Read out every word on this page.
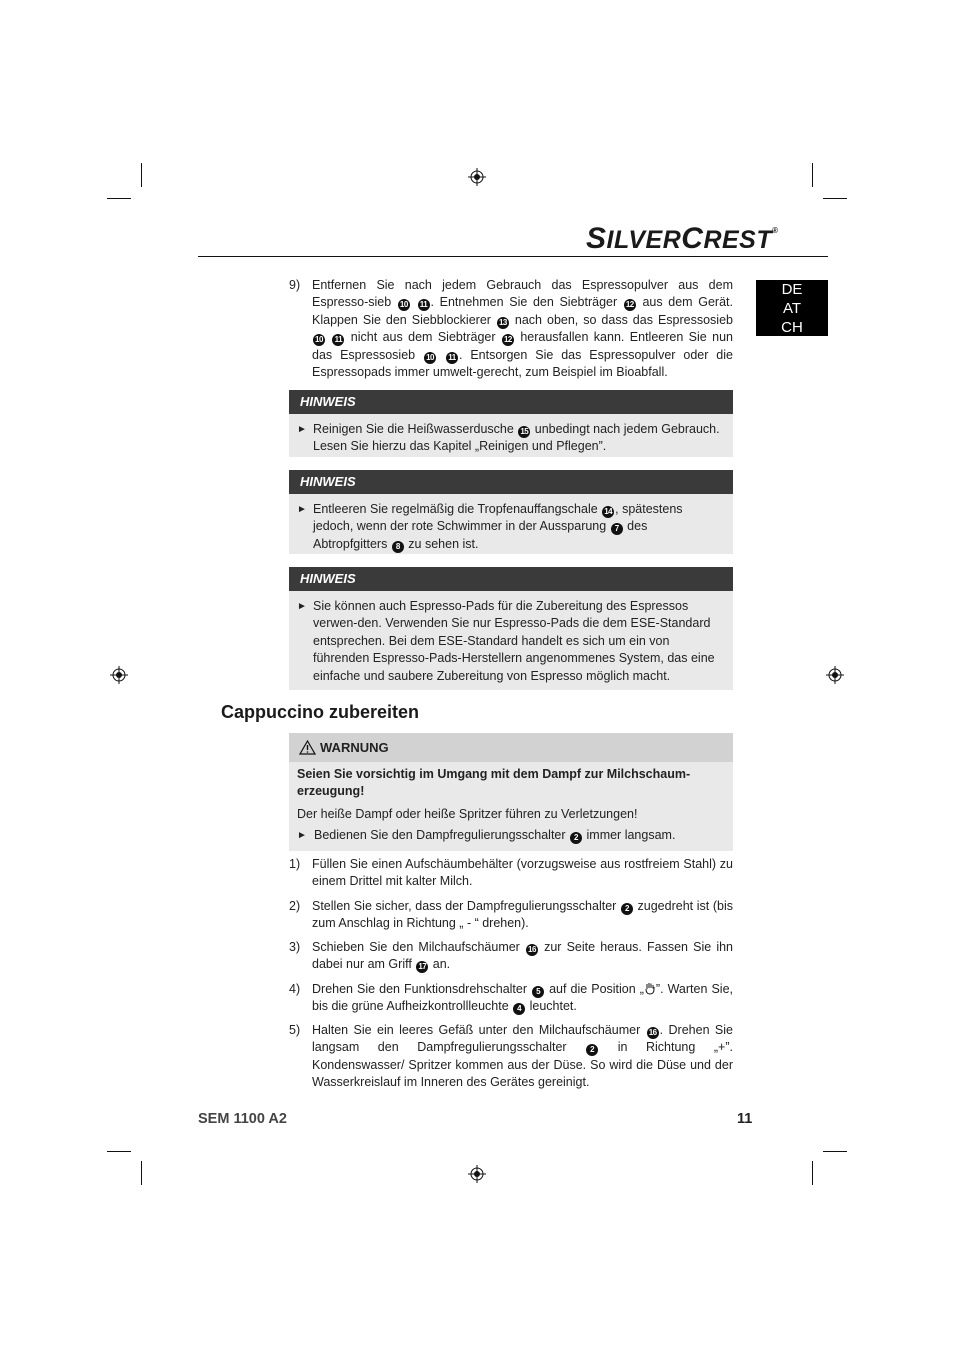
SILVERCREST®
DE
AT
CH
9) Entfernen Sie nach jedem Gebrauch das Espressopulver aus dem Espresso-sieb 10 11 . Entnehmen Sie den Siebträger 12 aus dem Gerät. Klappen Sie den Siebblockierer 13 nach oben, so dass das Espressosieb 10 11 nicht aus dem Siebträger 12 herausfallen kann. Entleeren Sie nun das Espressosieb 10 11 . Entsorgen Sie das Espressopulver oder die Espressopads immer umwelt-gerecht, zum Beispiel im Bioabfall.
HINWEIS
► Reinigen Sie die Heißwasserdusche 15 unbedingt nach jedem Gebrauch. Lesen Sie hierzu das Kapitel „Reinigen und Pflegen”.
HINWEIS
► Entleeren Sie regelmäßig die Tropfenauffangschale 14 , spätestens jedoch, wenn der rote Schwimmer in der Aussparung 7 des Abtropfgitters 8 zu sehen ist.
HINWEIS
► Sie können auch Espresso-Pads für die Zubereitung des Espressos verwen-den. Verwenden Sie nur Espresso-Pads die dem ESE-Standard entsprechen. Bei dem ESE-Standard handelt es sich um ein von führenden Espresso-Pads-Herstellern angenommenes System, das eine einfache und saubere Zubereitung von Espresso möglich macht.
Cappuccino zubereiten
WARNUNG
Seien Sie vorsichtig im Umgang mit dem Dampf zur Milchschaum-erzeugung!
Der heiße Dampf oder heiße Spritzer führen zu Verletzungen!
► Bedienen Sie den Dampfregulierungsschalter 2 immer langsam.
1) Füllen Sie einen Aufschäumbehälter (vorzugsweise aus rostfreiem Stahl) zu einem Drittel mit kalter Milch.
2) Stellen Sie sicher, dass der Dampfregulierungsschalter 2 zugedreht ist (bis zum Anschlag in Richtung „ - “ drehen).
3) Schieben Sie den Milchaufschäumer 16 zur Seite heraus. Fassen Sie ihn dabei nur am Griff 17 an.
4) Drehen Sie den Funktionsdrehschalter 5 auf die Position „ ”. Warten Sie, bis die grüne Aufheizkontrollleuchte 4 leuchtet.
5) Halten Sie ein leeres Gefäß unter den Milchaufschäumer 16 . Drehen Sie langsam den Dampfregulierungsschalter 2 in Richtung „+”. Kondenswasser/ Spritzer kommen aus der Düse. So wird die Düse und der Wasserkreislauf im Inneren des Gerätes gereinigt.
SEM 1100 A2	11
